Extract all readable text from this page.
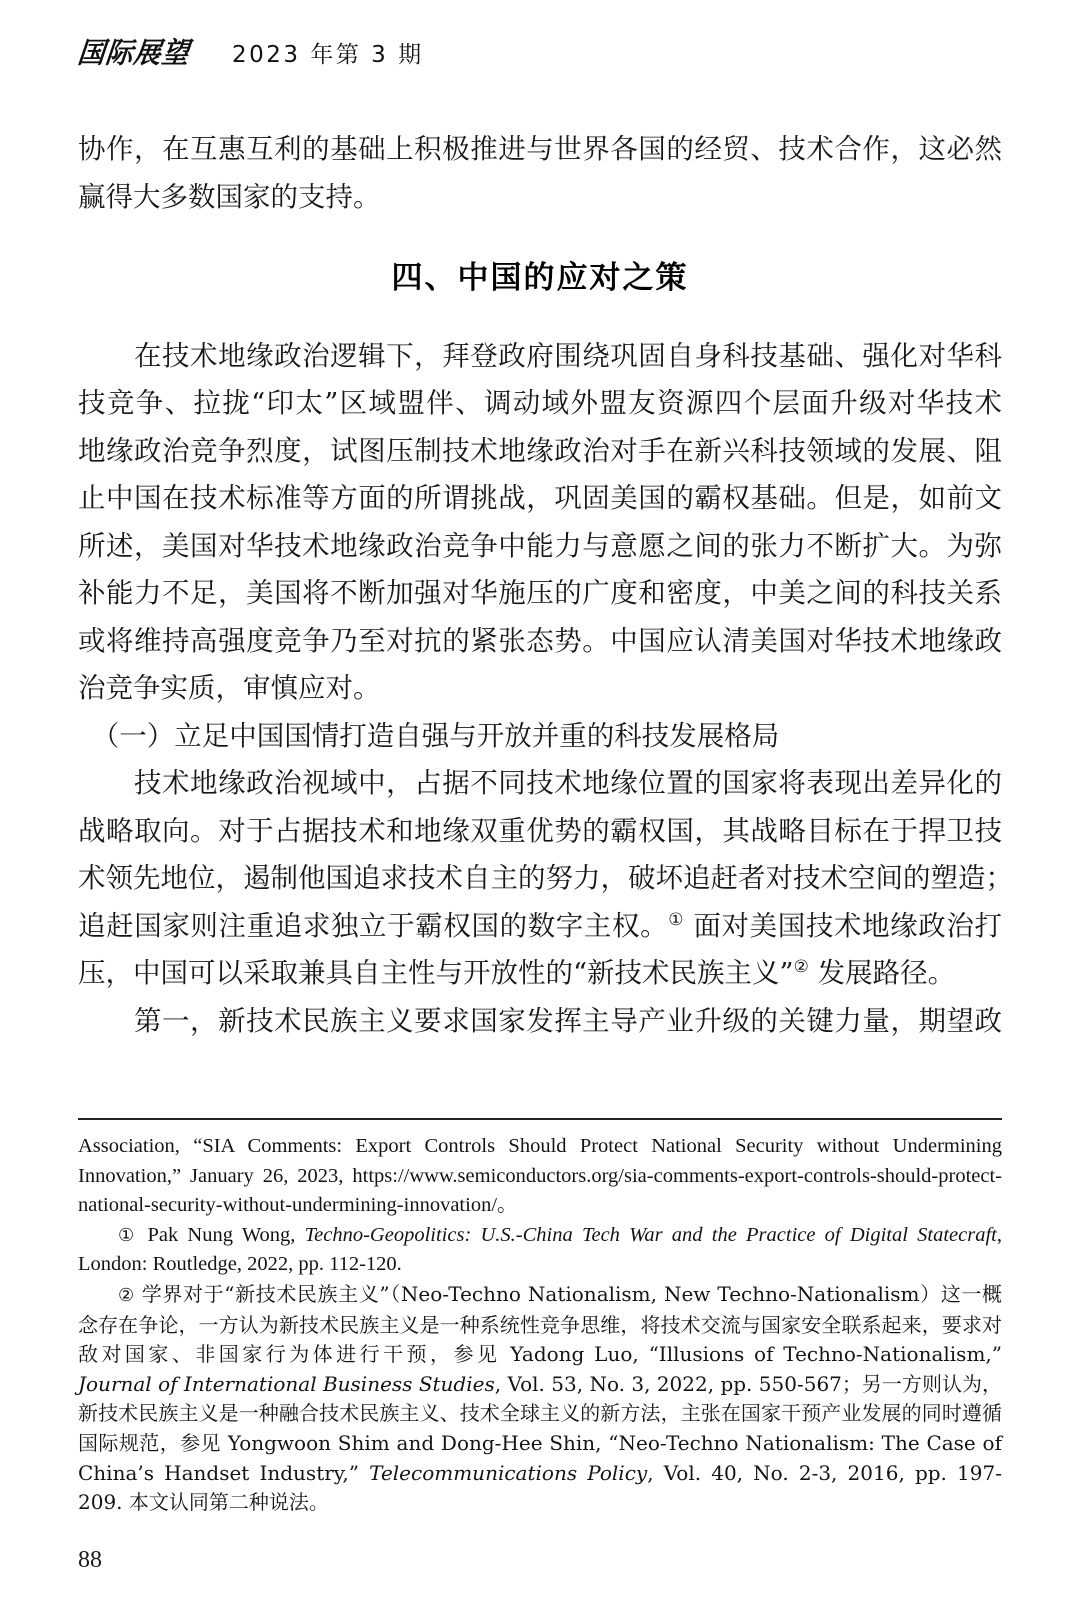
国际展望 2023 年第 3 期

协作，在互惠互利的基础上积极推进与世界各国的经贸、技术合作，这必然

赢得大多数国家的支持。

四、中国的应对之策

　　在技术地缘政治逻辑下，拜登政府围绕巩固自身科技基础、强化对华科

技竞争、拉拢“印太”区域盟伴、调动域外盟友资源四个层面升级对华技术

地缘政治竞争烈度，试图压制技术地缘政治对手在新兴科技领域的发展、阻

止中国在技术标准等方面的所谓挑战，巩固美国的霸权基础。但是，如前文

所述，美国对华技术地缘政治竞争中能力与意愿之间的张力不断扩大。为弥

补能力不足，美国将不断加强对华施压的广度和密度，中美之间的科技关系

或将维持高强度竞争乃至对抗的紧张态势。中国应认清美国对华技术地缘政

治竞争实质，审慎应对。

　（一）立足中国国情打造自强与开放并重的科技发展格局

　　技术地缘政治视域中，占据不同技术地缘位置的国家将表现出差异化的

战略取向。对于占据技术和地缘双重优势的霸权国，其战略目标在于捍卫技

术领先地位，遏制他国追求技术自主的努力，破坏追赶者对技术空间的塑造；

追赶国家则注重追求独立于霸权国的数字主权。① 面对美国技术地缘政治打

压，中国可以采取兼具自主性与开放性的“新技术民族主义”② 发展路径。

　　第一，新技术民族主义要求国家发挥主导产业升级的关键力量，期望政

Association, “SIA Comments: Export Controls Should Protect National Security without Undermining Innovation,” January 26, 2023, https://www.semiconductors.org/sia-comments-export-controls-should-protect-national-security-without-undermining-innovation/。

① Pak Nung Wong, Techno-Geopolitics: U.S.-China Tech War and the Practice of Digital Statecraft, London: Routledge, 2022, pp. 112-120.

② 学界对于“新技术民族主义”（Neo-Techno Nationalism, New Techno-Nationalism）这一概念存在争论，一方认为新技术民族主义是一种系统性竞争思维，将技术交流与国家安全联系起来，要求对敌对国家、非国家行为体进行干预，参见 Yadong Luo, “Illusions of Techno-Nationalism,” Journal of International Business Studies, Vol. 53, No. 3, 2022, pp. 550-567；另一方则认为，新技术民族主义是一种融合技术民族主义、技术全球主义的新方法，主张在国家干预产业发展的同时遵循国际规范，参见 Yongwoon Shim and Dong-Hee Shin, “Neo-Techno Nationalism: The Case of China’s Handset Industry,” Telecommunications Policy, Vol. 40, No. 2-3, 2016, pp. 197-209. 本文认同第二种说法。

88
